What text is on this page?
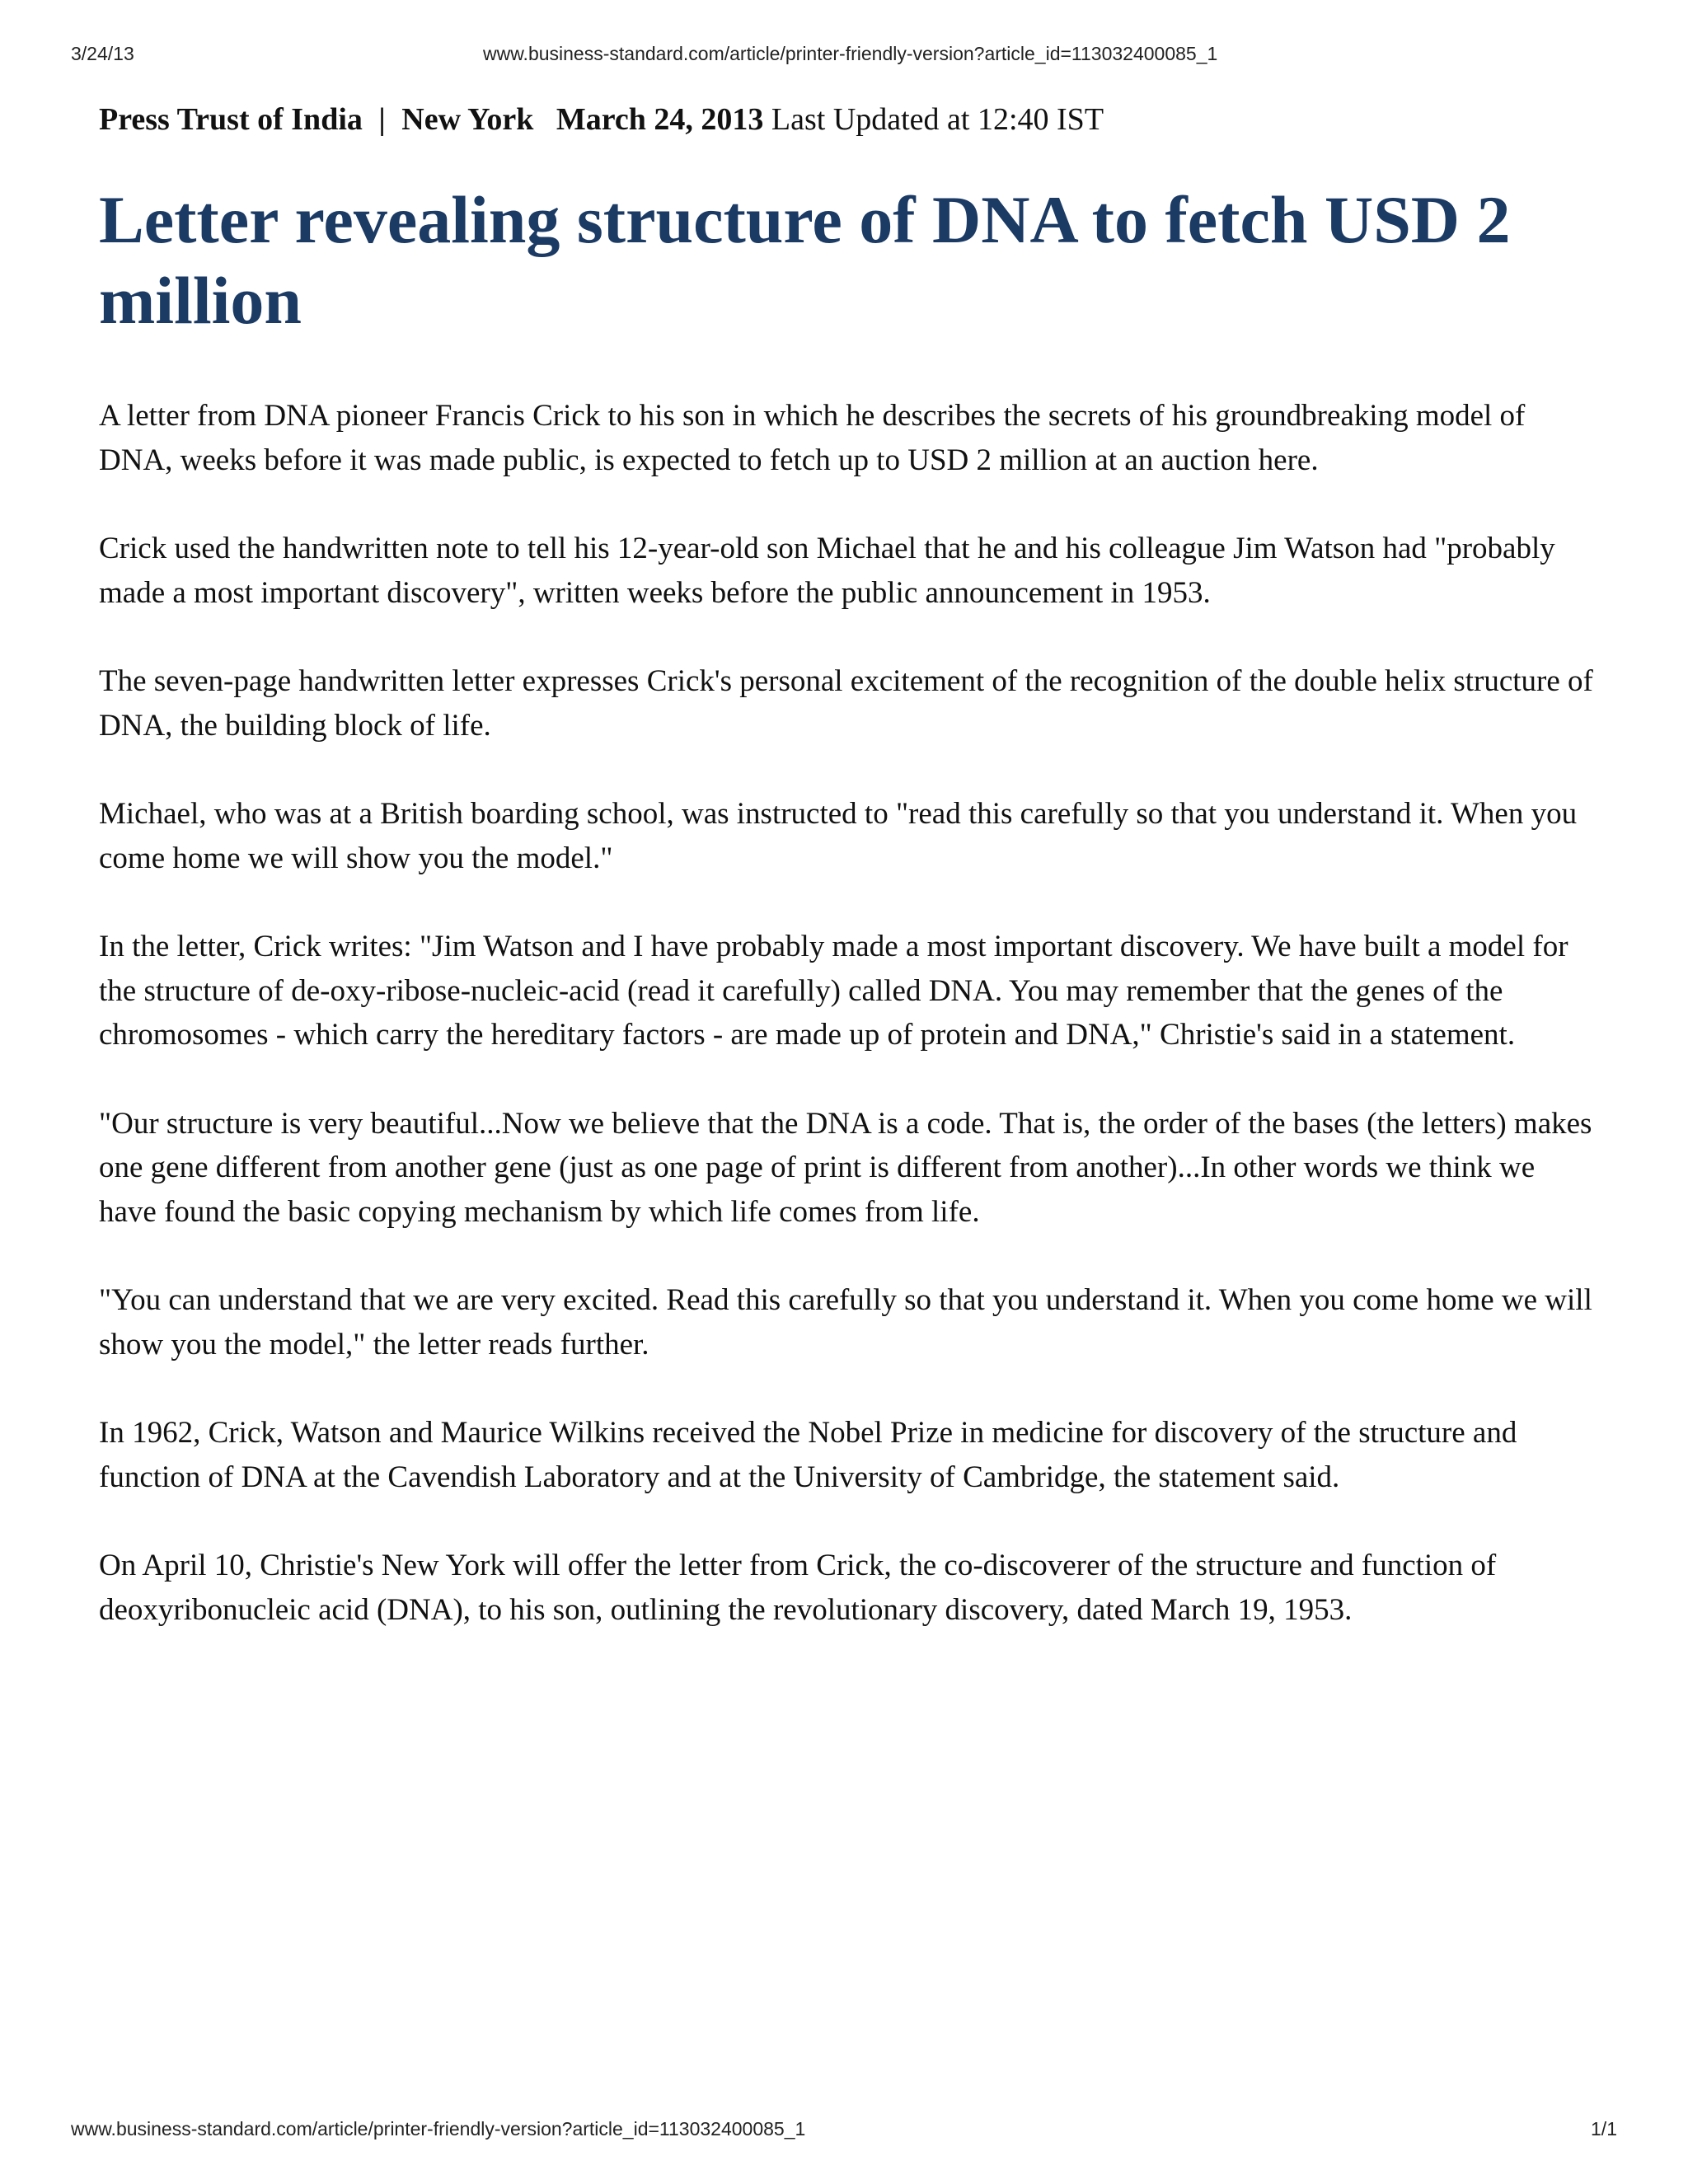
3/24/13	www.business-standard.com/article/printer-friendly-version?article_id=113032400085_1

Press Trust of India | New York March 24, 2013 Last Updated at 12:40 IST

Letter revealing structure of DNA to fetch USD 2 million

A letter from DNA pioneer Francis Crick to his son in which he describes the secrets of his groundbreaking model of DNA, weeks before it was made public, is expected to fetch up to USD 2 million at an auction here.

Crick used the handwritten note to tell his 12-year-old son Michael that he and his colleague Jim Watson had "probably made a most important discovery", written weeks before the public announcement in 1953.

The seven-page handwritten letter expresses Crick's personal excitement of the recognition of the double helix structure of DNA, the building block of life.

Michael, who was at a British boarding school, was instructed to "read this carefully so that you understand it. When you come home we will show you the model."

In the letter, Crick writes: "Jim Watson and I have probably made a most important discovery. We have built a model for the structure of de-oxy-ribose-nucleic-acid (read it carefully) called DNA. You may remember that the genes of the chromosomes - which carry the hereditary factors - are made up of protein and DNA," Christie's said in a statement.

"Our structure is very beautiful...Now we believe that the DNA is a code. That is, the order of the bases (the letters) makes one gene different from another gene (just as one page of print is different from another)...In other words we think we have found the basic copying mechanism by which life comes from life.

"You can understand that we are very excited. Read this carefully so that you understand it. When you come home we will show you the model," the letter reads further.

In 1962, Crick, Watson and Maurice Wilkins received the Nobel Prize in medicine for discovery of the structure and function of DNA at the Cavendish Laboratory and at the University of Cambridge, the statement said.

On April 10, Christie's New York will offer the letter from Crick, the co-discoverer of the structure and function of deoxyribonucleic acid (DNA), to his son, outlining the revolutionary discovery, dated March 19, 1953.

www.business-standard.com/article/printer-friendly-version?article_id=113032400085_1	1/1
